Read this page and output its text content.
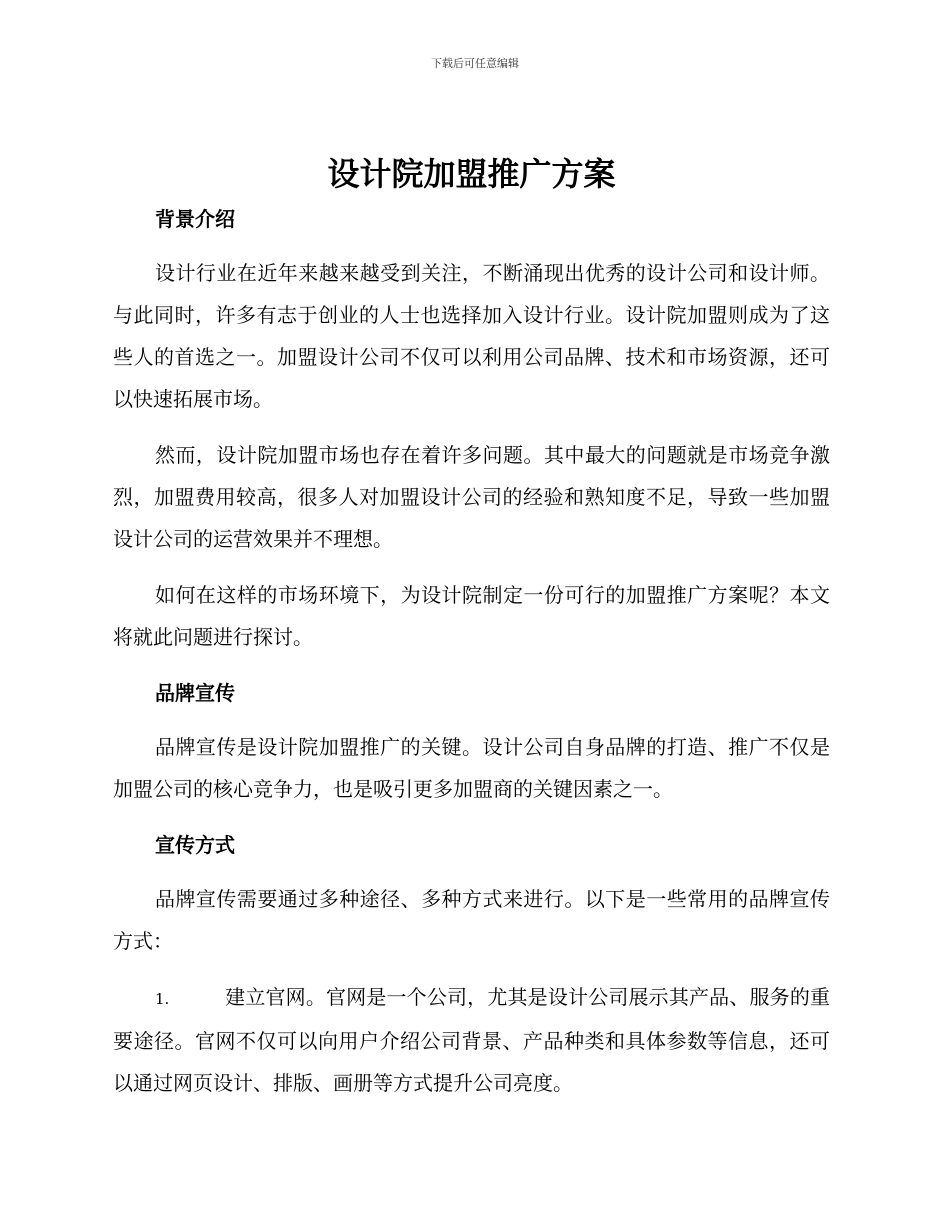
下载后可任意编辑
设计院加盟推广方案
背景介绍

设计行业在近年来越来越受到关注，不断涌现出优秀的设计公司和设计师。与此同时，许多有志于创业的人士也选择加入设计行业。设计院加盟则成为了这些人的首选之一。加盟设计公司不仅可以利用公司品牌、技术和市场资源，还可以快速拓展市场。

然而，设计院加盟市场也存在着许多问题。其中最大的问题就是市场竞争激烈，加盟费用较高，很多人对加盟设计公司的经验和熟知度不足，导致一些加盟设计公司的运营效果并不理想。

如何在这样的市场环境下，为设计院制定一份可行的加盟推广方案呢？本文将就此问题进行探讨。

品牌宣传

品牌宣传是设计院加盟推广的关键。设计公司自身品牌的打造、推广不仅是加盟公司的核心竞争力，也是吸引更多加盟商的关键因素之一。

宣传方式

品牌宣传需要通过多种途径、多种方式来进行。以下是一些常用的品牌宣传方式：

1.	建立官网。官网是一个公司，尤其是设计公司展示其产品、服务的重要途径。官网不仅可以向用户介绍公司背景、产品种类和具体参数等信息，还可以通过网页设计、排版、画册等方式提升公司亮度。
